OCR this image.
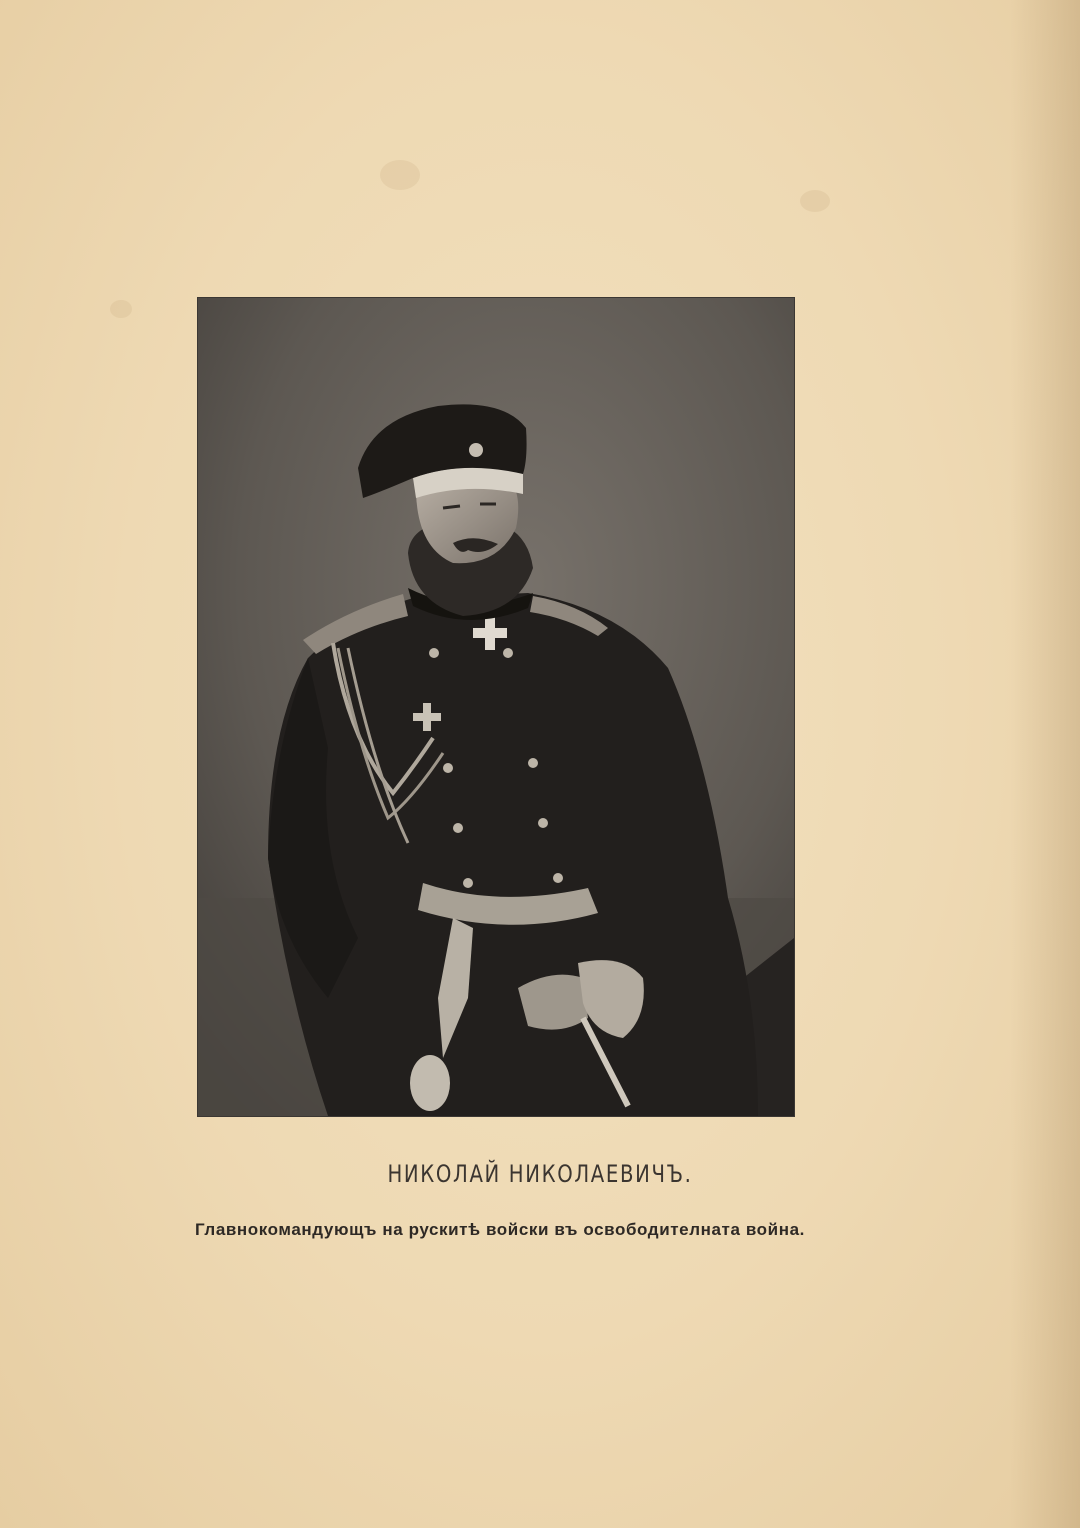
НИКОЛАЙ НИКОЛАЕВИЧЪ.
Главнокомандующъ на рускитѣ войски въ освободителната война.
